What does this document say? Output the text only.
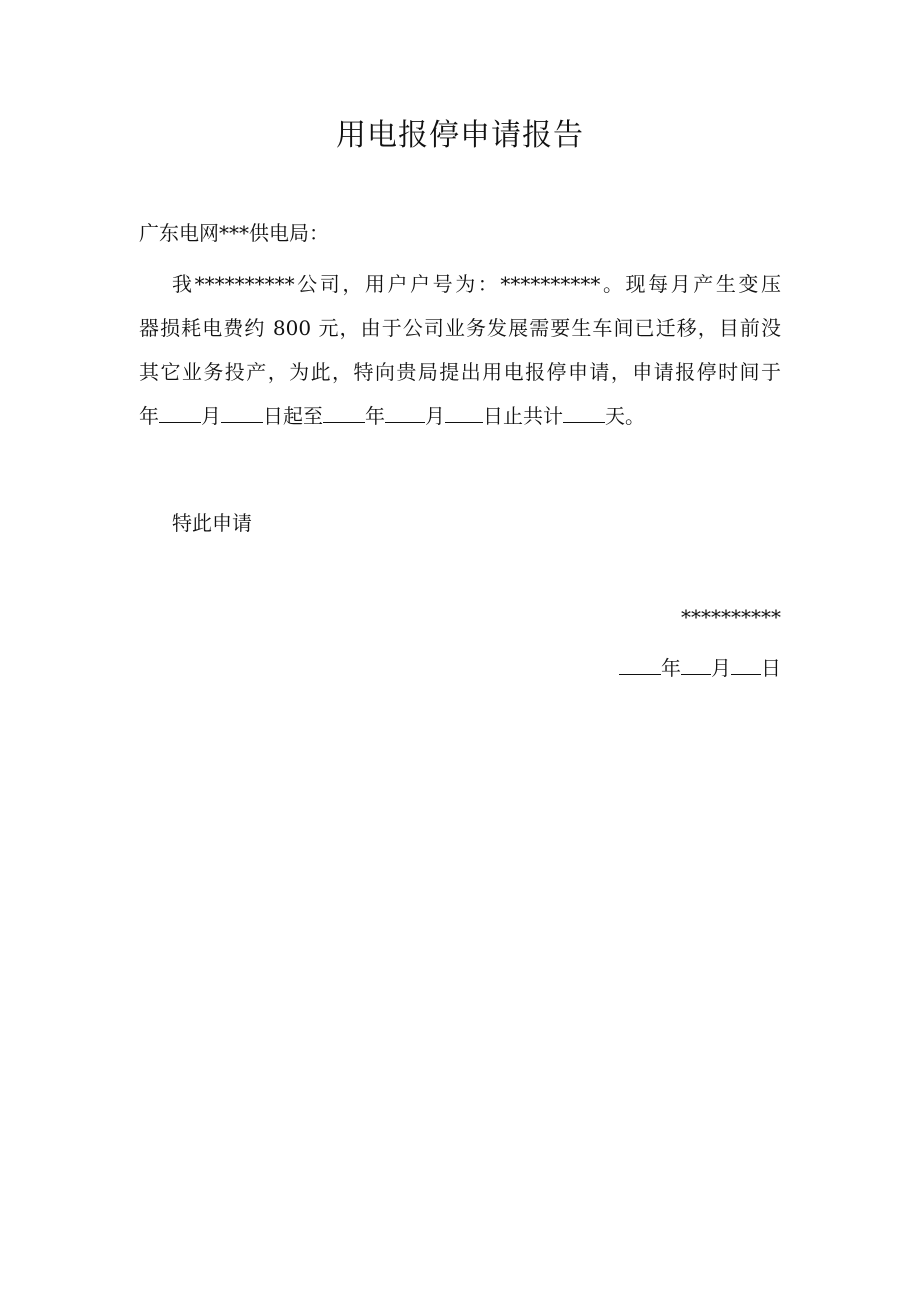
用电报停申请报告
广东电网***供电局：
我**********公司，用户户号为：**********。现每月产生变压
器损耗电费约 800 元，由于公司业务发展需要生车间已迁移，目前没
其它业务投产，为此，特向贵局提出用电报停申请，申请报停时间于
年 月 日起至 年 月 日止共计 天。
特此申请
**********
年 月 日
